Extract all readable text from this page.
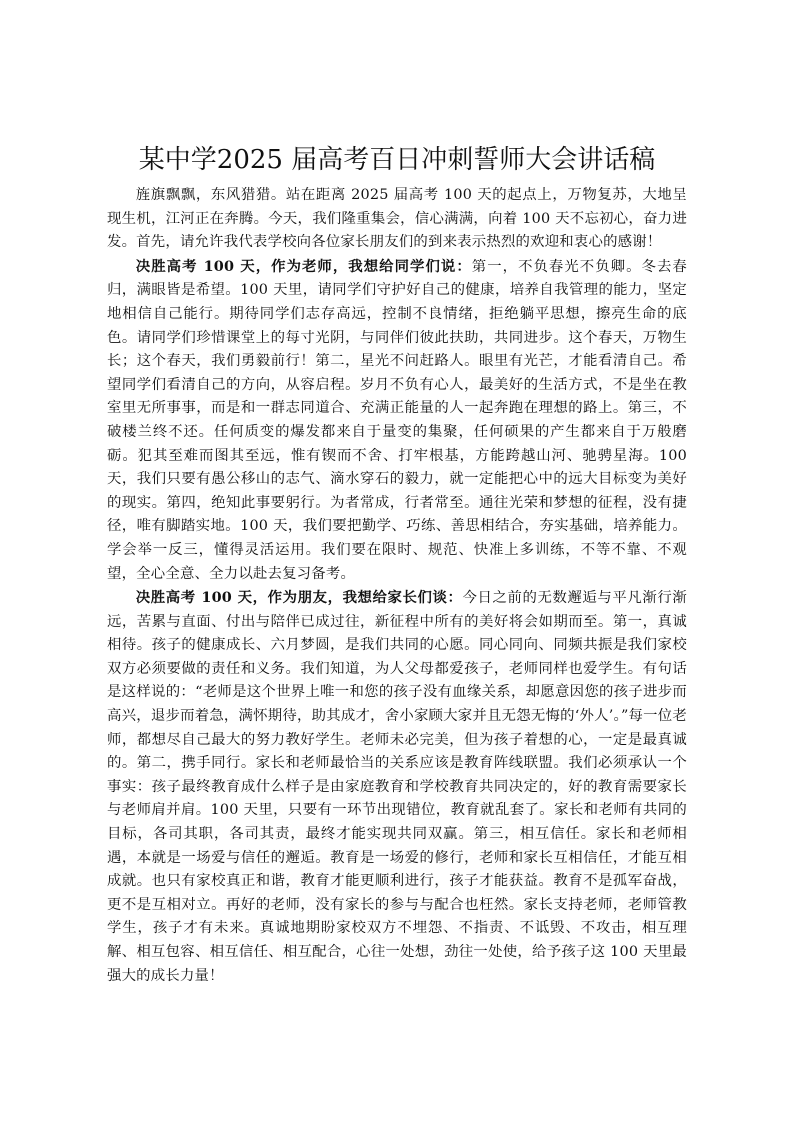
某中学2025 届高考百日冲刺誓师大会讲话稿

旌旗飘飘，东风猎猎。站在距离 2025 届高考 100 天的起点上，万物复苏，大地呈现生机，江河正在奔腾。今天，我们隆重集会，信心满满，向着 100 天不忘初心，奋力进发。首先，请允许我代表学校向各位家长朋友们的到来表示热烈的欢迎和衷心的感谢！

决胜高考 100 天，作为老师，我想给同学们说：第一，不负春光不负卿。冬去春归，满眼皆是希望。100 天里，请同学们守护好自己的健康，培养自我管理的能力，坚定地相信自己能行。期待同学们志存高远，控制不良情绪，拒绝躺平思想，擦亮生命的底色。请同学们珍惜课堂上的每寸光阴，与同伴们彼此扶助，共同进步。这个春天，万物生长；这个春天，我们勇毅前行！第二，星光不问赶路人。眼里有光芒，才能看清自己。希望同学们看清自己的方向，从容启程。岁月不负有心人，最美好的生活方式，不是坐在教室里无所事事，而是和一群志同道合、充满正能量的人一起奔跑在理想的路上。第三，不破楼兰终不还。任何质变的爆发都来自于量变的集聚，任何硕果的产生都来自于万般磨砺。犯其至难而图其至远，惟有锲而不舍、打牢根基，方能跨越山河、驰骋星海。100 天，我们只要有愚公移山的志气、滴水穿石的毅力，就一定能把心中的远大目标变为美好的现实。第四，绝知此事要躬行。为者常成，行者常至。通往光荣和梦想的征程，没有捷径，唯有脚踏实地。100 天，我们要把勤学、巧练、善思相结合，夯实基础，培养能力。学会举一反三，懂得灵活运用。我们要在限时、规范、快准上多训练，不等不靠、不观望，全心全意、全力以赴去复习备考。

决胜高考 100 天，作为朋友，我想给家长们谈：今日之前的无数邂逅与平凡渐行渐远，苦累与直面、付出与陪伴已成过往，新征程中所有的美好将会如期而至。第一，真诚相待。孩子的健康成长、六月梦圆，是我们共同的心愿。同心同向、同频共振是我们家校双方必须要做的责任和义务。我们知道，为人父母都爱孩子，老师同样也爱学生。有句话是这样说的：“老师是这个世界上唯一和您的孩子没有血缘关系，却愿意因您的孩子进步而高兴，退步而着急，满怀期待，助其成才，舍小家顾大家并且无怨无悔的‘外人’。”每一位老师，都想尽自己最大的努力教好学生。老师未必完美，但为孩子着想的心，一定是最真诚的。第二，携手同行。家长和老师最恰当的关系应该是教育阵线联盟。我们必须承认一个事实：孩子最终教育成什么样子是由家庭教育和学校教育共同决定的，好的教育需要家长与老师肩并肩。100 天里，只要有一环节出现错位，教育就乱套了。家长和老师有共同的目标，各司其职，各司其责，最终才能实现共同双赢。第三，相互信任。家长和老师相遇，本就是一场爱与信任的邂逅。教育是一场爱的修行，老师和家长互相信任，才能互相成就。也只有家校真正和谐，教育才能更顺利进行，孩子才能获益。教育不是孤军奋战，更不是互相对立。再好的老师，没有家长的参与与配合也枉然。家长支持老师，老师管教学生，孩子才有未来。真诚地期盼家校双方不埋怨、不指责、不诋毁、不攻击，相互理解、相互包容、相互信任、相互配合，心往一处想，劲往一处使，给予孩子这 100 天里最强大的成长力量！
